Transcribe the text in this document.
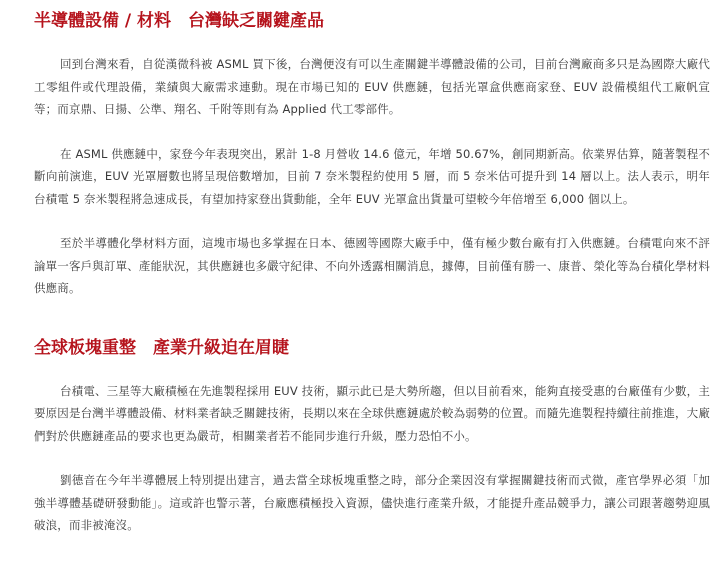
半導體設備 / 材料　台灣缺乏關鍵產品

回到台灣來看，自從漢微科被 ASML 買下後，台灣便沒有可以生產關鍵半導體設備的公司，目前台灣廠商多只是為國際大廠代工零組件或代理設備，業績與大廠需求連動。現在市場已知的 EUV 供應鏈，包括光罩盒供應商家登、EUV 設備模組代工廠帆宣等；而京鼎、日揚、公準、翔名、千附等則有為 Applied 代工零部件。

在 ASML 供應鏈中，家登今年表現突出，累計 1-8 月營收 14.6 億元，年增 50.67%，創同期新高。依業界估算，隨著製程不斷向前演進，EUV 光罩層數也將呈現倍數增加，目前 7 奈米製程約使用 5 層，而 5 奈米估可提升到 14 層以上。法人表示，明年台積電 5 奈米製程將急速成長，有望加持家登出貨動能，全年 EUV 光罩盒出貨量可望較今年倍增至 6,000 個以上。

至於半導體化學材料方面，這塊市場也多掌握在日本、德國等國際大廠手中，僅有極少數台廠有打入供應鏈。台積電向來不評論單一客戶與訂單、產能狀況，其供應鏈也多嚴守紀律、不向外透露相關消息，據傳，目前僅有勝一、康普、榮化等為台積化學材料供應商。

全球板塊重整　產業升級迫在眉睫

台積電、三星等大廠積極在先進製程採用 EUV 技術，顯示此已是大勢所趨，但以目前看來，能夠直接受惠的台廠僅有少數，主要原因是台灣半導體設備、材料業者缺乏關鍵技術，長期以來在全球供應鏈處於較為弱勢的位置。而隨先進製程持續往前推進，大廠們對於供應鏈產品的要求也更為嚴苛，相關業者若不能同步進行升級，壓力恐怕不小。

劉德音在今年半導體展上特別提出建言，過去當全球板塊重整之時，部分企業因沒有掌握關鍵技術而式微，產官學界必須「加強半導體基礎研發動能」。這或許也警示著，台廠應積極投入資源，儘快進行產業升級，才能提升產品競爭力，讓公司跟著趨勢迎風破浪，而非被淹沒。
